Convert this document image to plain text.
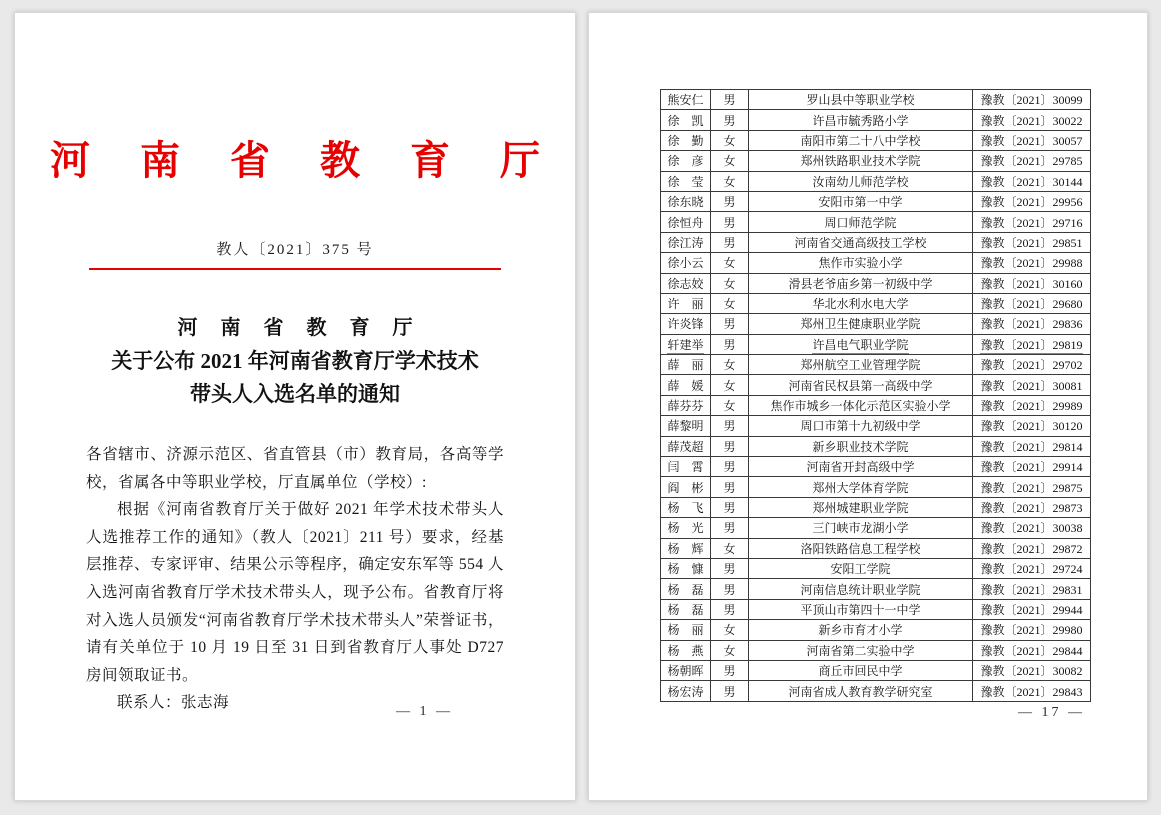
河 南 省 教 育 厅
教人〔2021〕375 号
河 南 省 教 育 厅
关于公布 2021 年河南省教育厅学术技术
带头人入选名单的通知

各省辖市、济源示范区、省直管县（市）教育局，各高等学校，省属各中等职业学校，厅直属单位（学校）:

根据《河南省教育厅关于做好 2021 年学术技术带头人人选推荐工作的通知》（教人〔2021〕211 号）要求，经基层推荐、专家评审、结果公示等程序，确定安东军等 554 人入选河南省教育厅学术技术带头人，现予公布。省教育厅将对入选人员颁发“河南省教育厅学术技术带头人”荣誉证书，请有关单位于 10 月 19 日至 31 日到省教育厅人事处 D727 房间领取证书。

联系人：张志海

— 1 —
熊安仁	男	罗山县中等职业学校	豫教〔2021〕30099
徐　凯	男	许昌市毓秀路小学	豫教〔2021〕30022
徐　勤	女	南阳市第二十八中学校	豫教〔2021〕30057
徐　彦	女	郑州铁路职业技术学院	豫教〔2021〕29785
徐　莹	女	汝南幼儿师范学校	豫教〔2021〕30144
徐东晓	男	安阳市第一中学	豫教〔2021〕29956
徐恒舟	男	周口师范学院	豫教〔2021〕29716
徐江涛	男	河南省交通高级技工学校	豫教〔2021〕29851
徐小云	女	焦作市实验小学	豫教〔2021〕29988
徐志姣	女	滑县老爷庙乡第一初级中学	豫教〔2021〕30160
许　丽	女	华北水利水电大学	豫教〔2021〕29680
许炎锋	男	郑州卫生健康职业学院	豫教〔2021〕29836
轩建举	男	许昌电气职业学院	豫教〔2021〕29819
薛　丽	女	郑州航空工业管理学院	豫教〔2021〕29702
薛　媛	女	河南省民权县第一高级中学	豫教〔2021〕30081
薛芬芬	女	焦作市城乡一体化示范区实验小学	豫教〔2021〕29989
薛黎明	男	周口市第十九初级中学	豫教〔2021〕30120
薛茂超	男	新乡职业技术学院	豫教〔2021〕29814
闫　霄	男	河南省开封高级中学	豫教〔2021〕29914
阎　彬	男	郑州大学体育学院	豫教〔2021〕29875
杨　飞	男	郑州城建职业学院	豫教〔2021〕29873
杨　光	男	三门峡市龙湖小学	豫教〔2021〕30038
杨　辉	女	洛阳铁路信息工程学校	豫教〔2021〕29872
杨　慷	男	安阳工学院	豫教〔2021〕29724
杨　磊	男	河南信息统计职业学院	豫教〔2021〕29831
杨　磊	男	平顶山市第四十一中学	豫教〔2021〕29944
杨　丽	女	新乡市育才小学	豫教〔2021〕29980
杨　燕	女	河南省第二实验中学	豫教〔2021〕29844
杨朝晖	男	商丘市回民中学	豫教〔2021〕30082
杨宏涛	男	河南省成人教育教学研究室	豫教〔2021〕29843
— 17 —
